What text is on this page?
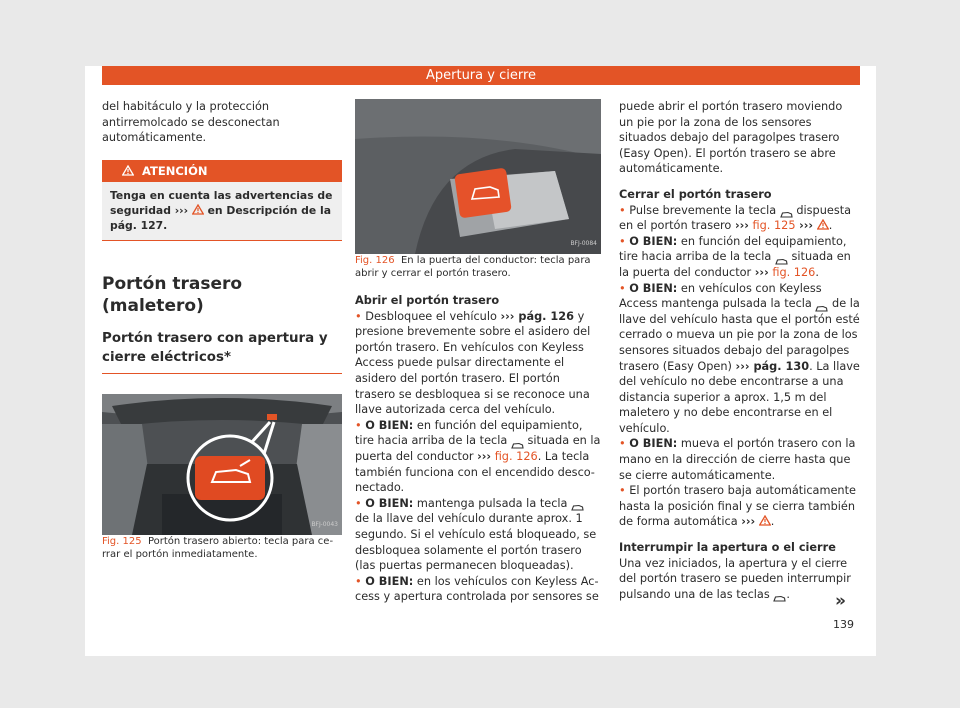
Apertura y cierre

del habitáculo y la protección antirremolcado se desconectan automáticamente.

ATENCIÓN
Tenga en cuenta las advertencias de seguridad ›››  en Descripción de la pág. 127.
Portón trasero (maletero)
Portón trasero con apertura y cierre eléctricos*
BFJ-0043

Fig. 125 Portón trasero abierto: tecla para cerrar el portón inmediatamente.

BFJ-0084

Fig. 126 En la puerta del conductor: tecla para abrir y cerrar el portón trasero.

Abrir el portón trasero

• Desbloquee el vehículo ››› pág. 126 y presione brevemente sobre el asidero del portón trasero. En vehículos con Keyless Access puede pulsar directamente el asidero del portón trasero. El portón trasero se desbloquea si se reconoce una llave autorizada cerca del vehículo.

• O BIEN: en función del equipamiento, tire hacia arriba de la tecla  situada en la puerta del conductor ››› fig. 126. La tecla también funciona con el encendido desconectado.

• O BIEN: mantenga pulsada la tecla  de la llave del vehículo durante aprox. 1 segundo. Si el vehículo está bloqueado, se desbloquea solamente el portón trasero (las puertas permanecen bloqueadas).

• O BIEN: en los vehículos con Keyless Access y apertura controlada por sensores se

puede abrir el portón trasero moviendo un pie por la zona de los sensores situados debajo del paragolpes trasero (Easy Open). El portón trasero se abre automáticamente.

Cerrar el portón trasero

• Pulse brevemente la tecla  dispuesta en el portón trasero ››› fig. 125 ››› .

• O BIEN: en función del equipamiento, tire hacia arriba de la tecla  situada en la puerta del conductor ››› fig. 126.

• O BIEN: en vehículos con Keyless Access mantenga pulsada la tecla  de la llave del vehículo hasta que el portón esté cerrado o mueva un pie por la zona de los sensores situados debajo del paragolpes trasero (Easy Open) ››› pág. 130. La llave del vehículo no debe encontrarse a una distancia superior a aprox. 1,5 m del maletero y no debe encontrarse en el vehículo.

• O BIEN: mueva el portón trasero con la mano en la dirección de cierre hasta que se cierre automáticamente.

• El portón trasero baja automáticamente hasta la posición final y se cierra también de forma automática ››› .

Interrumpir la apertura o el cierre

Una vez iniciados, la apertura y el cierre del portón trasero se pueden interrumpir pulsando una de las teclas .	»
139
